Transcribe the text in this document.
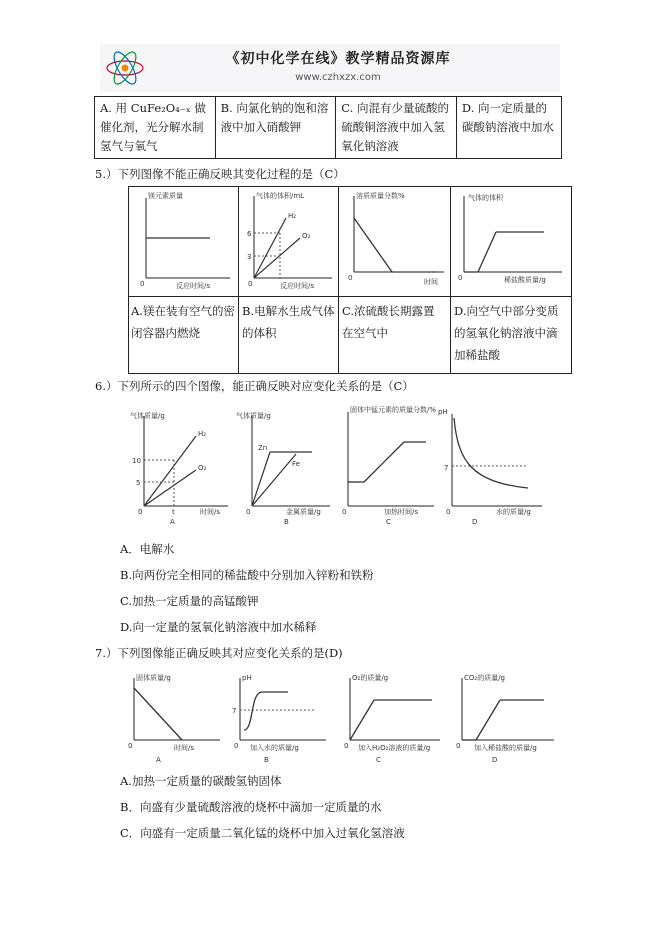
《初中化学在线》教学精品资源库
www.czhxzx.com
A. 用 CuFe₂O₄₋ₓ 做催化剂，光分解水制氢气与氧气	B. 向氯化钠的饱和溶液中加入硝酸钾	C. 向混有少量硫酸的硫酸铜溶液中加入氢氧化钠溶液	D. 向一定质量的碳酸钠溶液中加水
5.）下列图像不能正确反映其变化过程的是（C）
镁元素质量
反应时间/s
0
气体的体积/mL
H₂
O₂
6
3
0	反应时间/s
溶质质量分数%
0	时间
气体的体积
0	稀盐酸质量/g
A.镁在装有空气的密闭容器内燃烧
B.电解水生成气体的体积
C.浓硫酸长期露置在空气中
D.向空气中部分变质的氢氧化钠溶液中滴加稀盐酸
6.）下列所示的四个图像，能正确反映对应变化关系的是（C）
气体质量/g
H₂
O₂
10
5
t
0	时间/s
A
气体质量/g
Zn
Fe
0	金属质量/g
B
固体中锰元素的质量分数/%
0	加热时间/s
C
pH
7
0	水的质量/g
D
A．电解水
B.向两份完全相同的稀盐酸中分别加入锌粉和铁粉
C.加热一定质量的高锰酸钾
D.向一定量的氢氧化钠溶液中加水稀释
7.）下列图像能正确反映其对应变化关系的是(D)
固体质量/g
0	时间/s
A
pH
7
0 加入水的质量/g
B
O₂的质量/g
0 加入H₂O₂溶液的质量/g
C
CO₂的质量/g
0 加入稀盐酸的质量/g
D
A.加热一定质量的碳酸氢钠固体
B．向盛有少量硫酸溶液的烧杯中滴加一定质量的水
C．向盛有一定质量二氧化锰的烧杯中加入过氧化氢溶液
